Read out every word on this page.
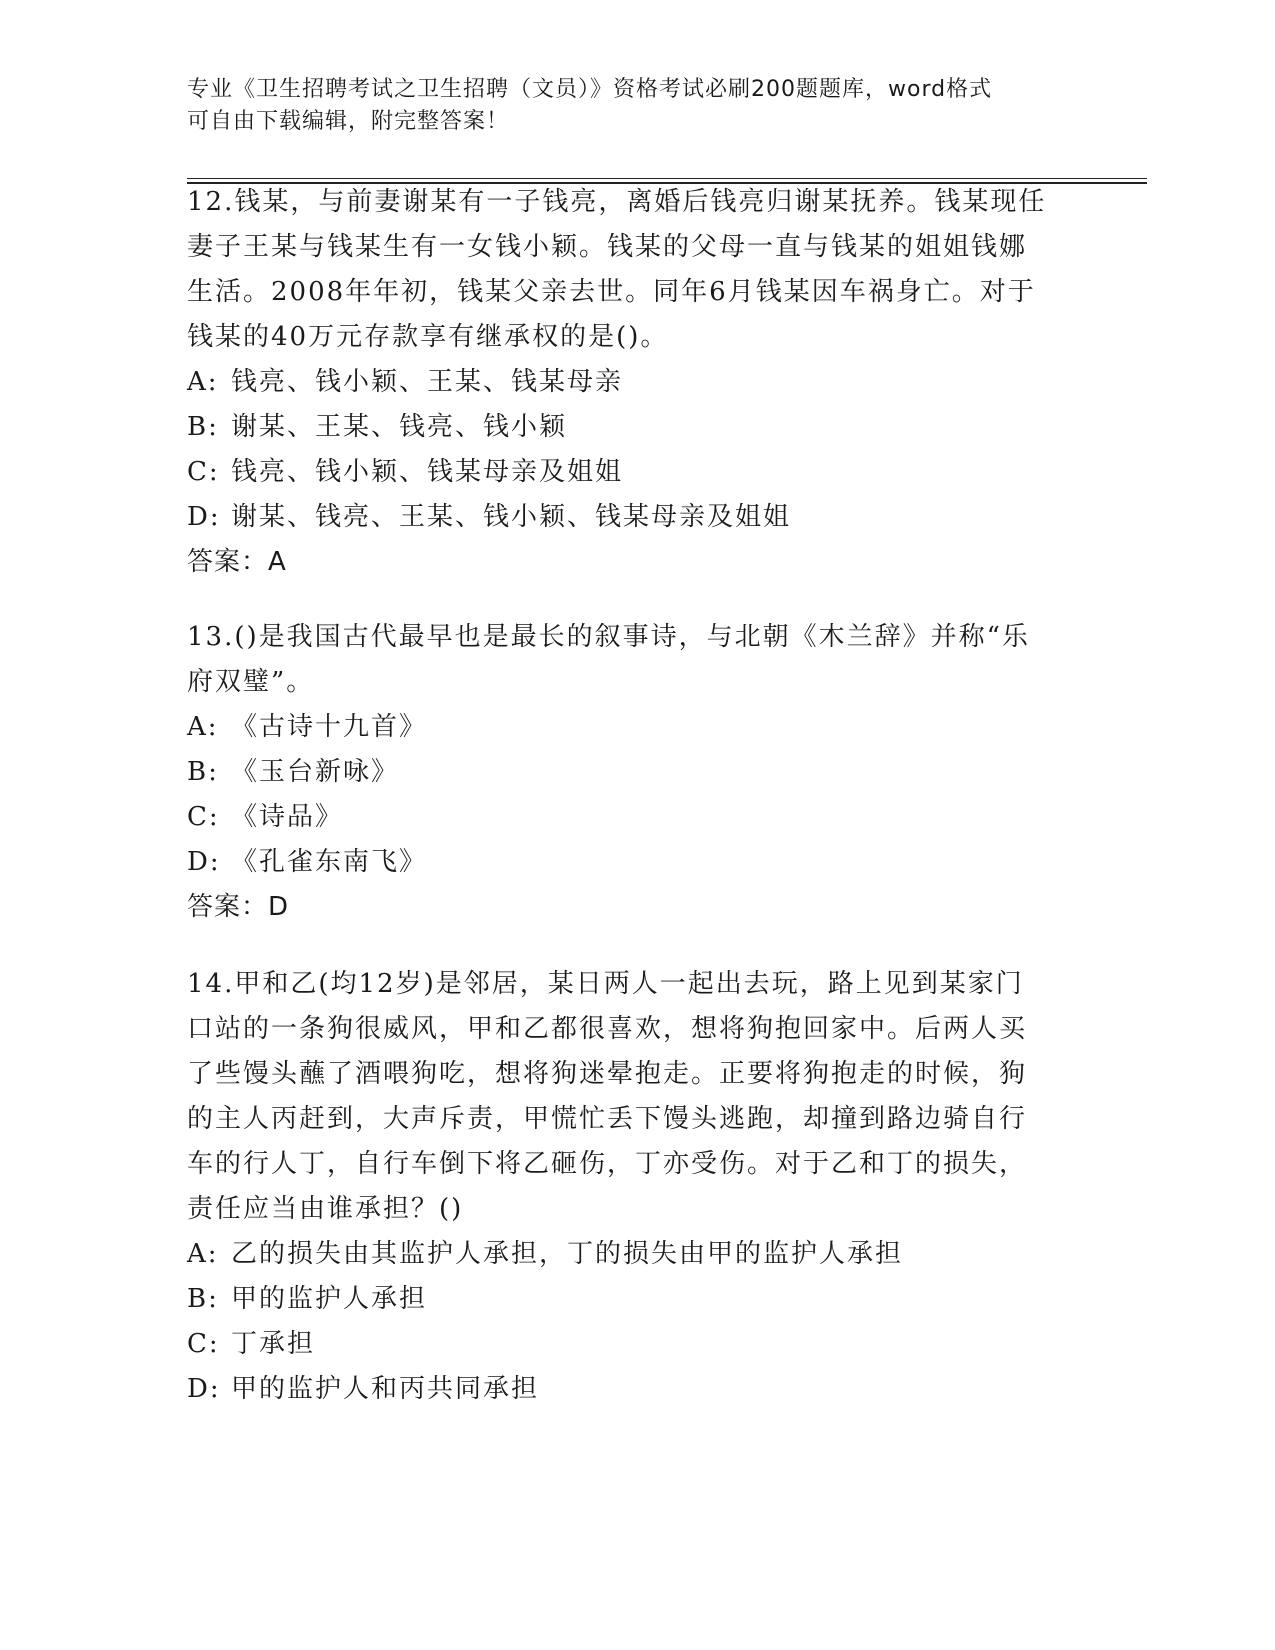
专业《卫生招聘考试之卫生招聘（文员）》资格考试必刷200题题库，word格式
可自由下载编辑，附完整答案！
12.钱某，与前妻谢某有一子钱亮，离婚后钱亮归谢某抚养。钱某现任
妻子王某与钱某生有一女钱小颖。钱某的父母一直与钱某的姐姐钱娜
生活。2008年年初，钱某父亲去世。同年6月钱某因车祸身亡。对于
钱某的40万元存款享有继承权的是()。
A: 钱亮、钱小颖、王某、钱某母亲
B: 谢某、王某、钱亮、钱小颖
C: 钱亮、钱小颖、钱某母亲及姐姐
D: 谢某、钱亮、王某、钱小颖、钱某母亲及姐姐
答案：A
13.()是我国古代最早也是最长的叙事诗，与北朝《木兰辞》并称“乐
府双璧”。
A: 《古诗十九首》
B: 《玉台新咏》
C: 《诗品》
D: 《孔雀东南飞》
答案：D
14.甲和乙(均12岁)是邻居，某日两人一起出去玩，路上见到某家门
口站的一条狗很威风，甲和乙都很喜欢，想将狗抱回家中。后两人买
了些馒头蘸了酒喂狗吃，想将狗迷晕抱走。正要将狗抱走的时候，狗
的主人丙赶到，大声斥责，甲慌忙丢下馒头逃跑，却撞到路边骑自行
车的行人丁，自行车倒下将乙砸伤，丁亦受伤。对于乙和丁的损失，
责任应当由谁承担？()
A: 乙的损失由其监护人承担，丁的损失由甲的监护人承担
B: 甲的监护人承担
C: 丁承担
D: 甲的监护人和丙共同承担
